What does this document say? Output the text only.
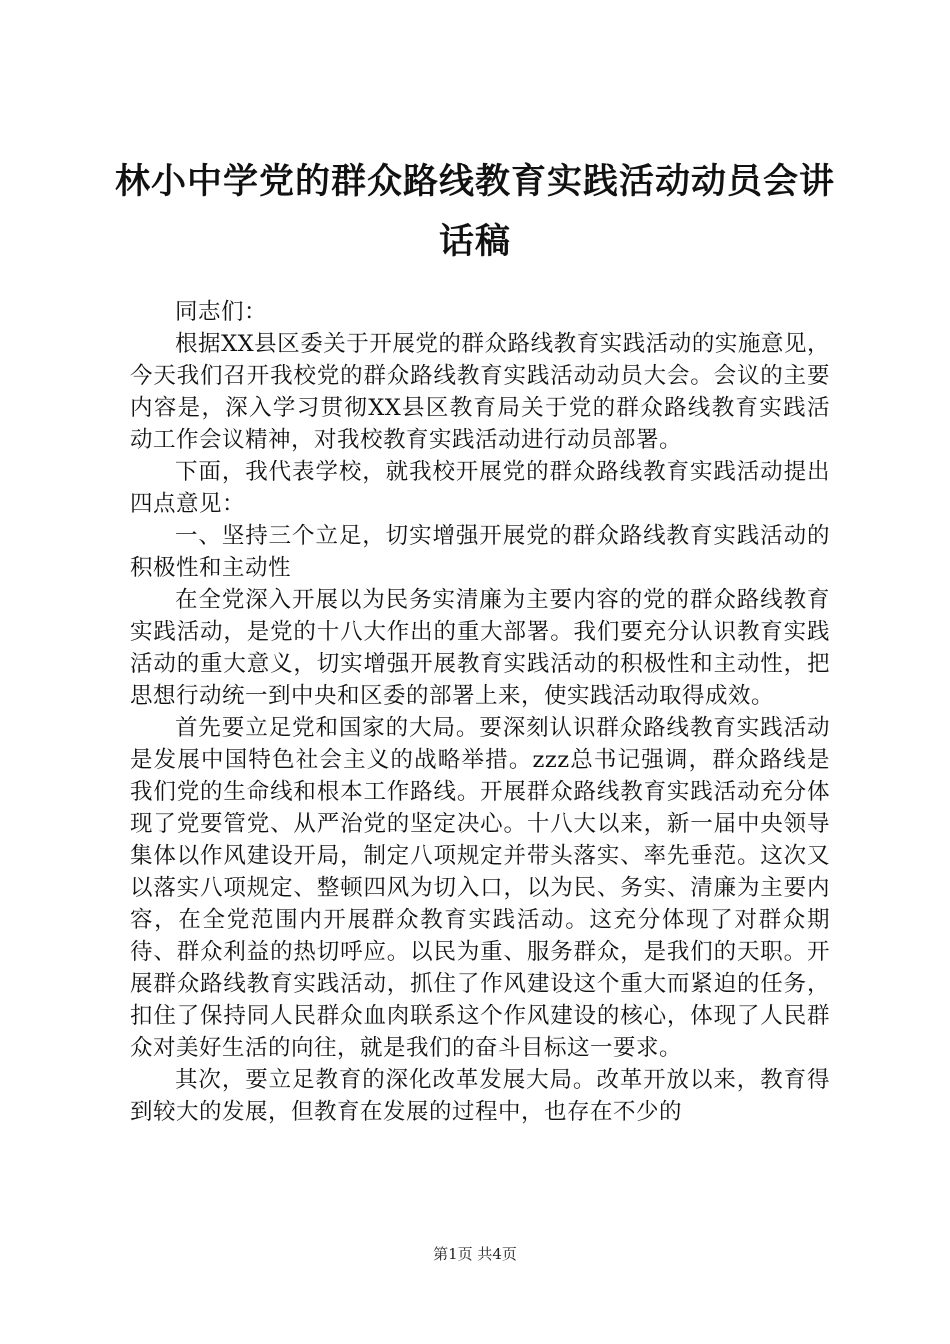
林小中学党的群众路线教育实践活动动员会讲
话稿

同志们：

根据XX县区委关于开展党的群众路线教育实践活动的实施意见，今天我们召开我校党的群众路线教育实践活动动员大会。会议的主要内容是，深入学习贯彻XX县区教育局关于党的群众路线教育实践活动工作会议精神，对我校教育实践活动进行动员部署。

下面，我代表学校，就我校开展党的群众路线教育实践活动提出四点意见：

一、坚持三个立足，切实增强开展党的群众路线教育实践活动的积极性和主动性

在全党深入开展以为民务实清廉为主要内容的党的群众路线教育实践活动，是党的十八大作出的重大部署。我们要充分认识教育实践活动的重大意义，切实增强开展教育实践活动的积极性和主动性，把思想行动统一到中央和区委的部署上来，使实践活动取得成效。

首先要立足党和国家的大局。要深刻认识群众路线教育实践活动是发展中国特色社会主义的战略举措。zzz总书记强调，群众路线是我们党的生命线和根本工作路线。开展群众路线教育实践活动充分体现了党要管党、从严治党的坚定决心。十八大以来，新一届中央领导集体以作风建设开局，制定八项规定并带头落实、率先垂范。这次又以落实八项规定、整顿四风为切入口，以为民、务实、清廉为主要内容，在全党范围内开展群众教育实践活动。这充分体现了对群众期待、群众利益的热切呼应。以民为重、服务群众，是我们的天职。开展群众路线教育实践活动，抓住了作风建设这个重大而紧迫的任务，扣住了保持同人民群众血肉联系这个作风建设的核心，体现了人民群众对美好生活的向往，就是我们的奋斗目标这一要求。

其次，要立足教育的深化改革发展大局。改革开放以来，教育得到较大的发展，但教育在发展的过程中，也存在不少的

第1页 共4页
